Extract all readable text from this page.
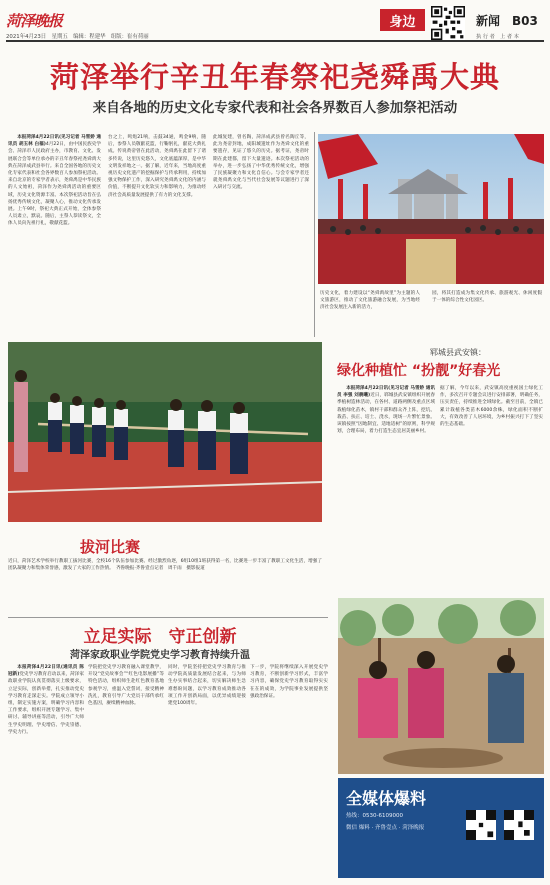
菏泽晚报
2021年4月23日　星期五　编辑：程建华　组版：崔有荷丽
身边	新闻　 B03
执 行 者　上 者 本
菏泽举行辛丑年春祭祀尧舜禹大典
来自各地的历史文化专家代表和社会各界数百人参加祭祀活动

本报菏泽4月22日讯(见习记者 马雪娇 通讯员 胡玉林 白福)4月22日，由中国民族史学会、菏泽市人民政府主办，市教育、文化、发展联合会等单位承办的辛丑年春祭祀尧舜禹大典在菏泽成武县举行。来自全国各地的历史文化专家代表和社会各界数百人参加祭祀活动。来自北京的专家学者表示，尧舜禹是中华民族的人文始祖，菏泽作为尧舜禹活动的重要区域，历史文化资源丰富。本次祭祀活动旨在弘扬优秀传统文化，凝聚人心，推动文化传承发展。上午9时，祭祀大典正式开始，全体参祭人员肃立，默哀。随后，主祭人恭读祭文，全体人员向先祖行礼，敬献花篮。

台之上，鸣炮21响，击鼓34通，鸣金9响，随后，参祭人员敬献花篮，行鞠躬礼，献花大典礼成。传说黄帝曾在此活动，尧舜禹在此留下了诸多传说，这里历史悠久，文化底蕴深厚，是中华文明发祥地之一。据了解，近年来，当地高度重视历史文化遗产的挖掘保护与传承利用，持续加强文物保护工作，深入研究尧舜禹文化的内涵与价值，不断提升文化软实力和影响力，为推动经济社会高质量发展提供了有力的文化支撑。
此城复建，曾名陶，菏泽成武县曾名陶丘等，此为尧帝封地，成阳城遗址作为尧舜文化的重要遗存，见证了悠久的历史。据考证，尧帝时期在此建都，留下大量遗迹。本次祭祀活动的举办，进一步弘扬了中华优秀传统文化，增强了民族凝聚力和文化自信心。与会专家学者还就尧舜禹文化与当代社会发展等议题进行了深入研讨与交流。
历史文化，着力建设以“尧舜禹故里”为主题的人文旅游区，推动了文化旅游融合发展，为当地经济社会发展注入新的活力，
园，将其打造成为集文化传承、旅游观光、休闲度假于一体的综合性文化园区。
拔河比赛
近日，菏泽艺术学校举行教职工拔河比赛，全校16个队伍参加比赛。经过激烈角逐，6组10组1班获得第一名，比赛进一步丰富了教职工文化生活，增强了团队凝聚力和集体荣誉感，激发了大家的工作热情。　齐鲁晚报·齐鲁壹点记者　周千雨　摄影报道
郓城县武安镇：
绿化种植忙 “扮靓”好春光

本报菏泽4月22日讯(见习记者 马雪娇 通讯员 李强 刘晨曦)近日，郓城县武安镇组织开展春季植树造林活动，在各村、道路两侧及重点区域栽植绿化苗木，镇村干部和群众齐上阵，挖坑、栽苗、扶正、培土、浇水，现场一片繁忙景象。该镇按照“因地制宜、适地适树”的原则，科学规划，合理布局，着力打造生态宜居美丽乡村。

据了解，今年以来，武安镇高度重视国土绿化工作，多次召开专题会议进行安排部署，明确任务，压实责任，持续推进全域绿化。截至目前，全镇已累计栽植各类苗木6000余株，绿化面积不断扩大，有效改善了人居环境，为乡村振兴打下了坚实的生态基础。
立足实际　守正创新
菏泽家政职业学院党史学习教育持续升温

本报菏泽4月22日讯(通讯员 陈冠新)党史学习教育启动以来，菏泽家政职业学院认真贯彻落实上级要求，立足实际，创新举措，扎实推动党史学习教育走深走实。学院成立领导小组，制定实施方案，明确学习内容和工作要求，组织开展专题学习、集中研讨、辅导讲座等活动，引导广大师生学史明理、学史增信、学史崇德、学史力行。

学院把党史学习教育融入课堂教学，开设“党史故事会”“红色电影展播”等特色活动，组织师生赴红色教育基地参观学习，重温入党誓词，接受精神洗礼，教育引导广大党员干部传承红色基因，赓续精神血脉。
同时，学院坚持把党史学习教育与推动学院高质量发展结合起来，与为师生办实事结合起来，切实解决师生急难愁盼问题，以学习教育成效推动各项工作开创新局面，以优异成绩迎接建党100周年。
下一步，学院将继续深入开展党史学习教育，不断创新学习形式，丰富学习内容，确保党史学习教育取得实实在在的成效，为学院事业发展提供坚强政治保证。
全媒体爆料
热线：0530-6109000
微信 爆料 · 齐鲁壹点 · 菏泽晚报
